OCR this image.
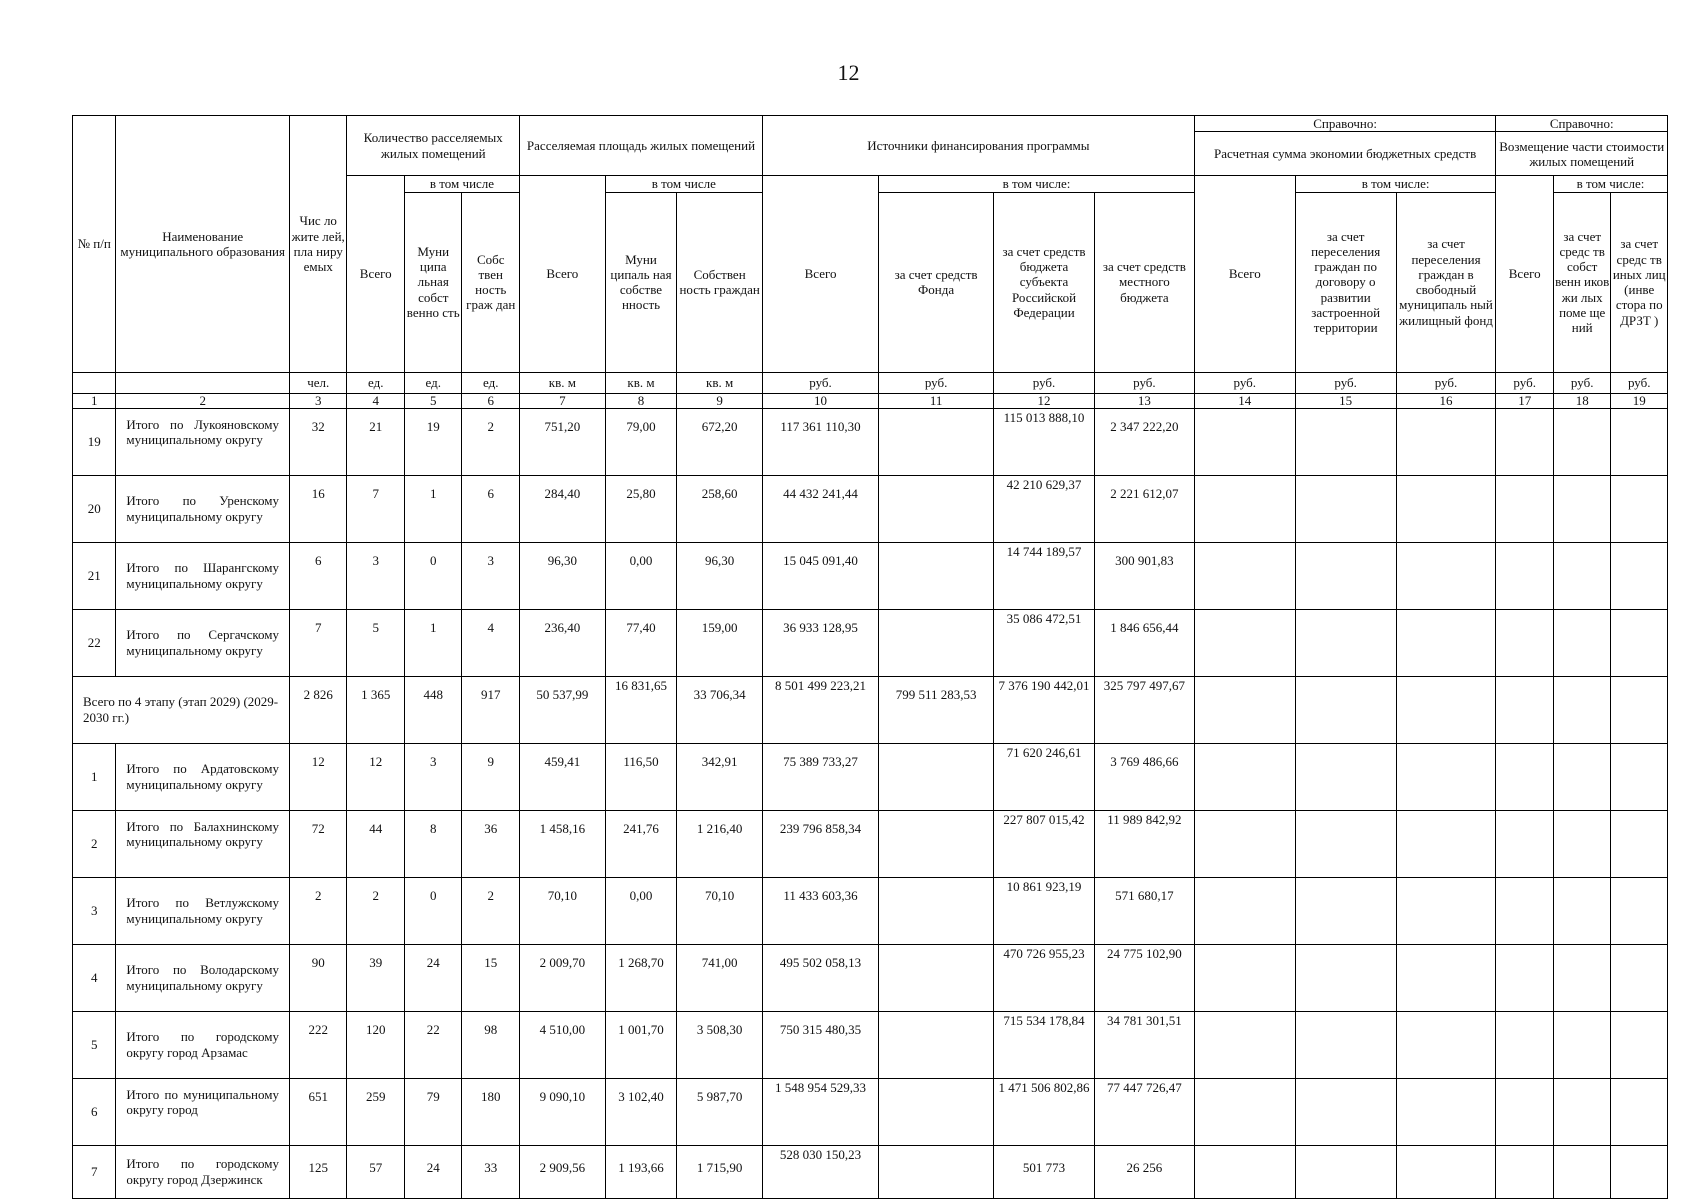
12
№ п/п	Наименование муниципального образования	Чис ло жите лей, пла ниру емых	Количество расселяемых жилых помещений			Расселяемая площадь жилых помещений			Источники финансирования программы				Справочно:			Справочно:		
													Расчетная сумма экономии бюджетных средств			Возмещение части стоимости жилых помещений		
			Всего	в том числе		Всего	в том числе		Всего	в том числе:			Всего	в том числе:		Всего	в том числе:	
				Муни ципа льная собст венно сть	Собс твен ность граж дан		Муни ципаль ная собстве нность	Собствен ность граждан		за счет средств Фонда	за счет средств бюджета субъекта Российской Федерации	за счет средств местного бюджета		за счет переселения граждан по договору о развитии застроенной территории	за счет переселения граждан в свободный муниципаль ный жилищный фонд		за счет средс тв собст венн иков жи лых поме ще ний	за счет средс тв иных лиц (инве стора по ДРЗТ )
		чел.	ед.	ед.	ед.	кв. м	кв. м	кв. м	руб.	руб.	руб.	руб.	руб.	руб.	руб.	руб.	руб.	руб.
1	2	3	4	5	6	7	8	9	10	11	12	13	14	15	16	17	18	19
19	Итого по Лукояновскому муниципальному округу	32	21	19	2	751,20	79,00	672,20	117 361 110,30		115 013 888,10	2 347 222,20						
20	Итого по Уренскому муниципальному округу	16	7	1	6	284,40	25,80	258,60	44 432 241,44		42 210 629,37	2 221 612,07						
21	Итого по Шарангскому муниципальному округу	6	3	0	3	96,30	0,00	96,30	15 045 091,40		14 744 189,57	300 901,83						
22	Итого по Сергачскому муниципальному округу	7	5	1	4	236,40	77,40	159,00	36 933 128,95		35 086 472,51	1 846 656,44						
Всего по 4 этапу (этап 2029) (2029-2030 гг.)		2 826	1 365	448	917	50 537,99	16 831,65	33 706,34	8 501 499 223,21	799 511 283,53	7 376 190 442,01	325 797 497,67						
1	Итого по Ардатовскому муниципальному округу	12	12	3	9	459,41	116,50	342,91	75 389 733,27		71 620 246,61	3 769 486,66						
2	Итого по Балахнинскому муниципальному округу	72	44	8	36	1 458,16	241,76	1 216,40	239 796 858,34		227 807 015,42	11 989 842,92						
3	Итого по Ветлужскому муниципальному округу	2	2	0	2	70,10	0,00	70,10	11 433 603,36		10 861 923,19	571 680,17						
4	Итого по Володарскому муниципальному округу	90	39	24	15	2 009,70	1 268,70	741,00	495 502 058,13		470 726 955,23	24 775 102,90						
5	Итого по городскому округу город Арзамас	222	120	22	98	4 510,00	1 001,70	3 508,30	750 315 480,35		715 534 178,84	34 781 301,51						
6	Итого по муниципальному округу город	651	259	79	180	9 090,10	3 102,40	5 987,70	1 548 954 529,33		1 471 506 802,86	77 447 726,47						
7	Итого по городскому округу город Дзержинск	125	57	24	33	2 909,56	1 193,66	1 715,90	528 030 150,23		501 773	26 256						
